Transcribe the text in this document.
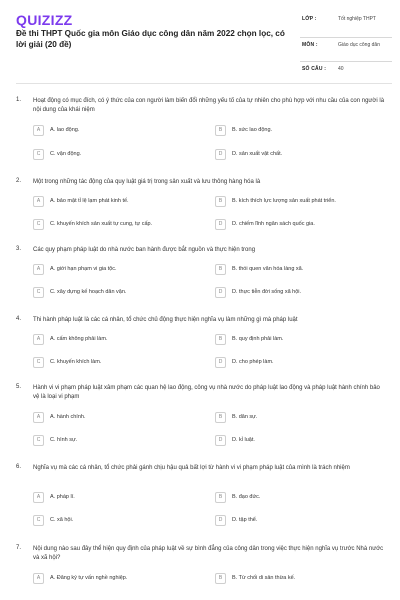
QUIZIZZ
Đề thi THPT Quốc gia môn Giáo dục công dân năm 2022 chọn lọc, có lời giải (20 đề)
LỚP :	Tốt nghiệp THPT
MÔN :	Giáo dục công dân
SỐ CÂU : 40
1. Hoạt động có mục đích, có ý thức của con người làm biến đổi những yếu tố của tự nhiên cho phù hợp với nhu cầu của con người là nội dung của khái niệm
A	A. lao động.	B	B. sức lao động.
C	C. vận động.	D	D. sản xuất vật chất.
2. Một trong những tác động của quy luật giá trị trong sản xuất và lưu thông hàng hóa là
A	A. bảo mật tỉ lệ lạm phát kinh tế.	B	B. kích thích lực lượng sản xuất phát triển.
C	C. khuyến khích sản xuất tự cung, tự cấp.	D	D. chiếm lĩnh ngân sách quốc gia.
3. Các quy phạm pháp luật do nhà nước ban hành được bắt nguồn và thực hiện trong
A	A. giới hạn phạm vi gia tộc.	B	B. thói quen văn hóa làng xã.
C	C. xây dựng kế hoạch dân vận.	D	D. thực tiễn đời sống xã hội.
4. Thi hành pháp luật là các cá nhân, tổ chức chủ động thực hiện nghĩa vụ làm những gì mà pháp luật
A	A. cấm không phải làm.	B	B. quy định phải làm.
C	C. khuyến khích làm.	D	D. cho phép làm.
5. Hành vi vi phạm pháp luật xâm phạm các quan hệ lao động, công vụ nhà nước do pháp luật lao động và pháp luật hành chính bảo vệ là loại vi phạm
A	A. hành chính.	B	B. dân sự.
C	C. hình sự.	D	D. kỉ luật.
6. Nghĩa vụ mà các cá nhân, tổ chức phải gánh chịu hậu quả bất lợi từ hành vi vi phạm pháp luật của mình là trách nhiệm
A	A. pháp lí.	B	B. đạo đức.
C	C. xã hội.	D	D. tập thể.
7. Nội dung nào sau đây thể hiện quy định của pháp luật về sự bình đẳng của công dân trong việc thực hiện nghĩa vụ trước Nhà nước và xã hội?
A	A. Đăng ký tự vấn nghề nghiệp.	B	B. Từ chối di sản thừa kế.
